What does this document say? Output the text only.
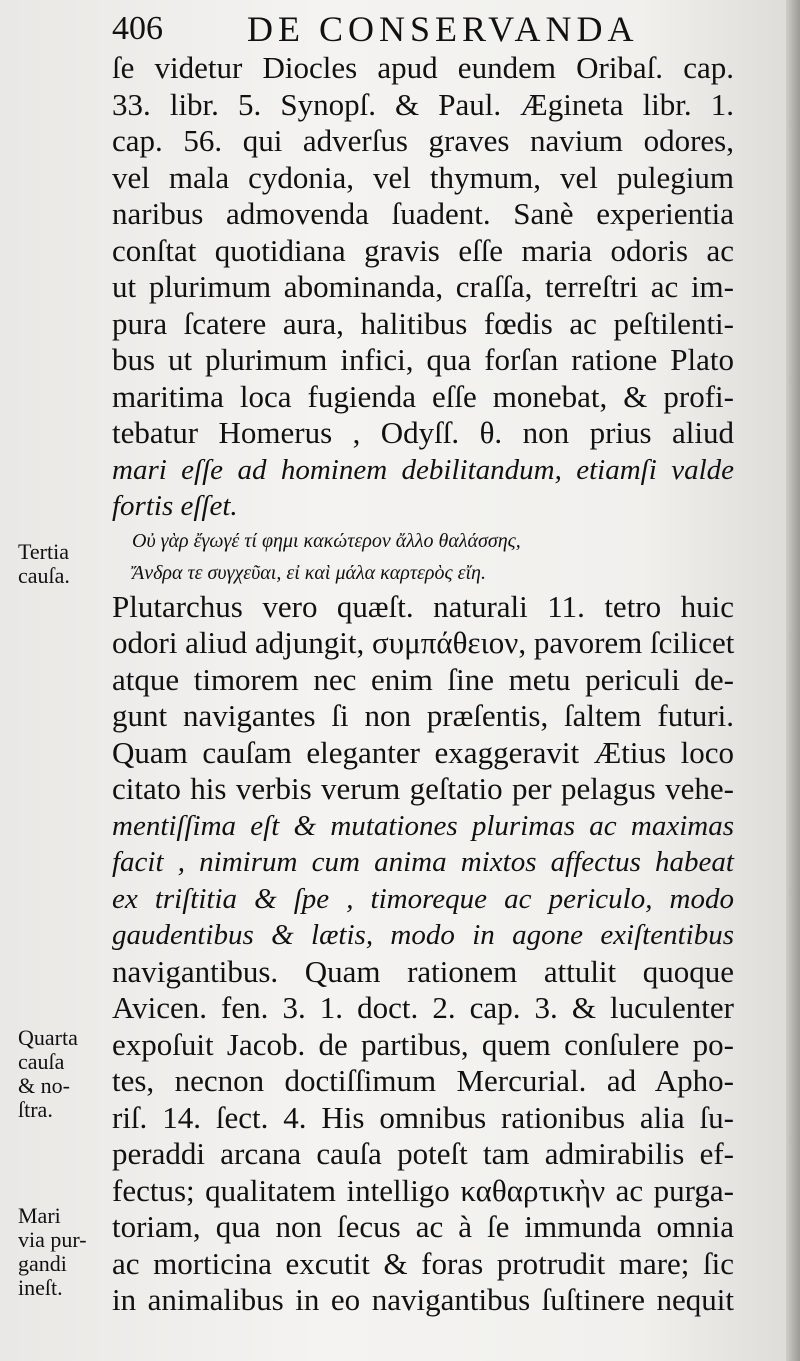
406 DE CONSERVANDA
ſe videtur Diocles apud eundem Oribaſ. cap.
33. libr. 5. Synopſ. & Paul. Ægineta libr. 1.
cap. 56. qui adverſus graves navium odores,
vel mala cydonia, vel thymum, vel pulegium
naribus admovenda ſuadent. Sanè experientia
conſtat quotidiana gravis eſſe maria odoris ac
ut plurimum abominanda, craſſa, terreſtri ac im-
pura ſcatere aura, halitibus fœdis ac peſtilenti-
bus ut plurimum infici, qua forſan ratione Plato
maritima loca fugienda eſſe monebat, & profi-
tebatur Homerus , Odyſſ. θ. non prius aliud
mari eſſe ad hominem debilitandum, etiamſi valde
fortis eſſet.
Οὐ γὰρ ἔγωγέ τί φημι κακώτερον ἄλλο θαλάσσης,
Ἄνδρα τε συγχεῦαι, εἰ καὶ μάλα καρτερὸς εἴη.
Plutarchus vero quæſt. naturali 11. tetro huic
odori aliud adjungit, συμπάθειον, pavorem ſcilicet
atque timorem nec enim ſine metu periculi de-
gunt navigantes ſi non præſentis, ſaltem futuri.
Quam cauſam eleganter exaggeravit Ætius loco
citato his verbis verum geſtatio per pelagus vehe-
mentiſſima eſt & mutationes plurimas ac maximas
facit , nimirum cum anima mixtos affectus habeat
ex triſtitia & ſpe , timoreque ac periculo, modo
gaudentibus & lætis, modo in agone exiſtentibus
navigantibus. Quam rationem attulit quoque
Avicen. fen. 3. 1. doct. 2. cap. 3. & luculenter
expoſuit Jacob. de partibus, quem conſulere po-
tes, necnon doctiſſimum Mercurial. ad Apho-
riſ. 14. ſect. 4. His omnibus rationibus alia ſu-
peraddi arcana cauſa poteſt tam admirabilis ef-
fectus; qualitatem intelligo καθαρτικὴν ac purga-
toriam, qua non ſecus ac à ſe immunda omnia
ac morticina excutit & foras protrudit mare; ſic
in animalibus in eo navigantibus ſuſtinere nequit
Tertia
cauſa.
Quarta
cauſa
& no-
ſtra.
Mari
via pur-
gandi
ineſt.
